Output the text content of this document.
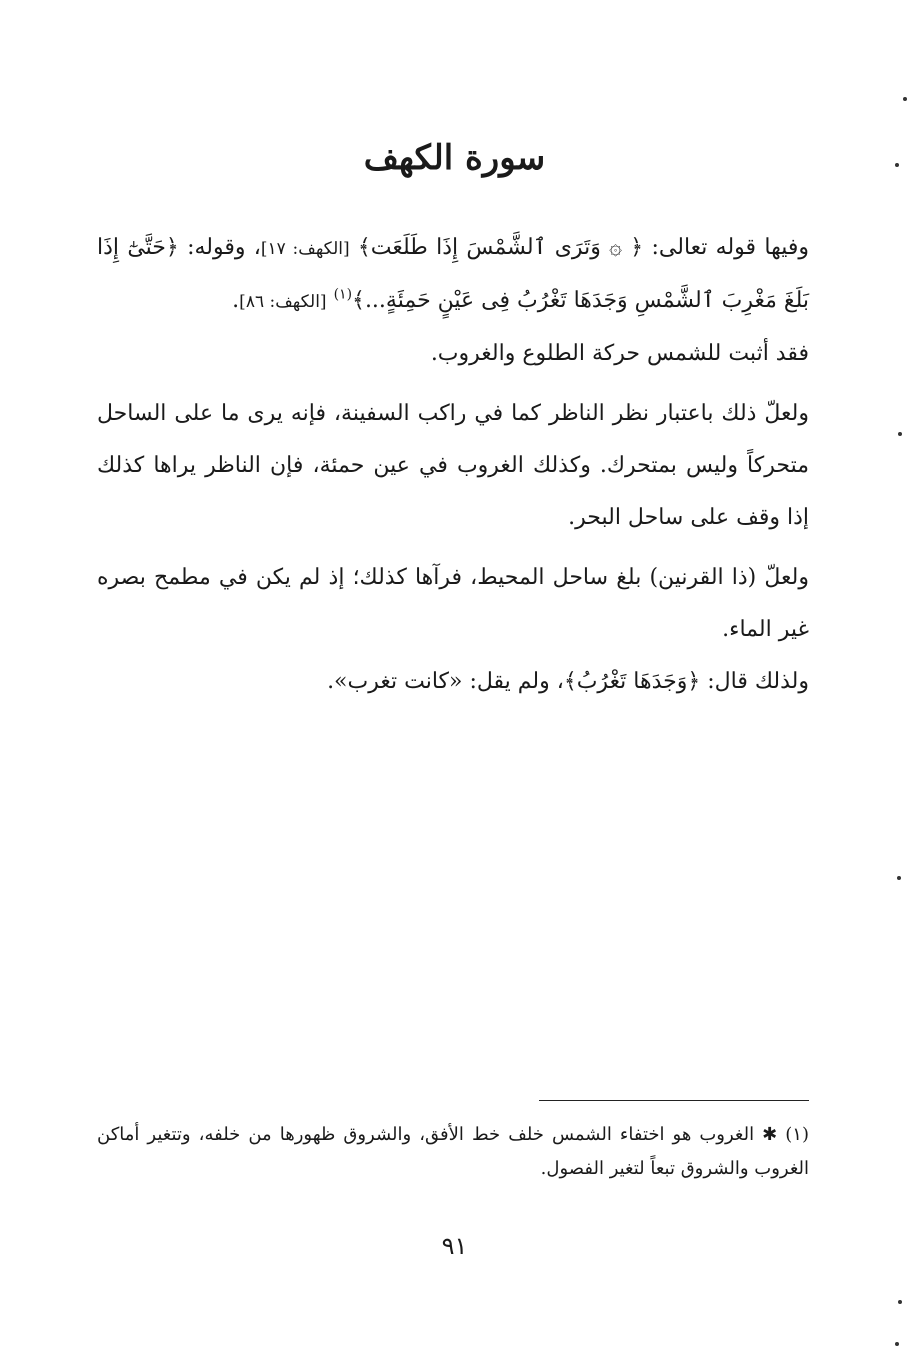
سورة الكهف

وفيها قوله تعالى: ﴿ ۞ وَتَرَى ٱلشَّمْسَ إِذَا طَلَعَت﴾ [الكهف: ١٧]، وقوله: ﴿حَتَّىٰٓ إِذَا بَلَغَ مَغْرِبَ ٱلشَّمْسِ وَجَدَهَا تَغْرُبُ فِى عَيْنٍ حَمِئَةٍ...﴾$^{(١)}$ [الكهف: ٨٦].

فقد أثبت للشمس حركة الطلوع والغروب.

ولعلّ ذلك باعتبار نظر الناظر كما في راكب السفينة، فإنه يرى ما على الساحل متحركاً وليس بمتحرك. وكذلك الغروب في عين حمئة، فإن الناظر يراها كذلك إذا وقف على ساحل البحر.

ولعلّ (ذا القرنين) بلغ ساحل المحيط، فرآها كذلك؛ إذ لم يكن في مطمح بصره غير الماء.

ولذلك قال: ﴿وَجَدَهَا تَغْرُبُ﴾، ولم يقل: «كانت تغرب».

(١) ✱ الغروب هو اختفاء الشمس خلف خط الأفق، والشروق ظهورها من خلفه، وتتغير أماكن الغروب والشروق تبعاً لتغير الفصول.
٩١
